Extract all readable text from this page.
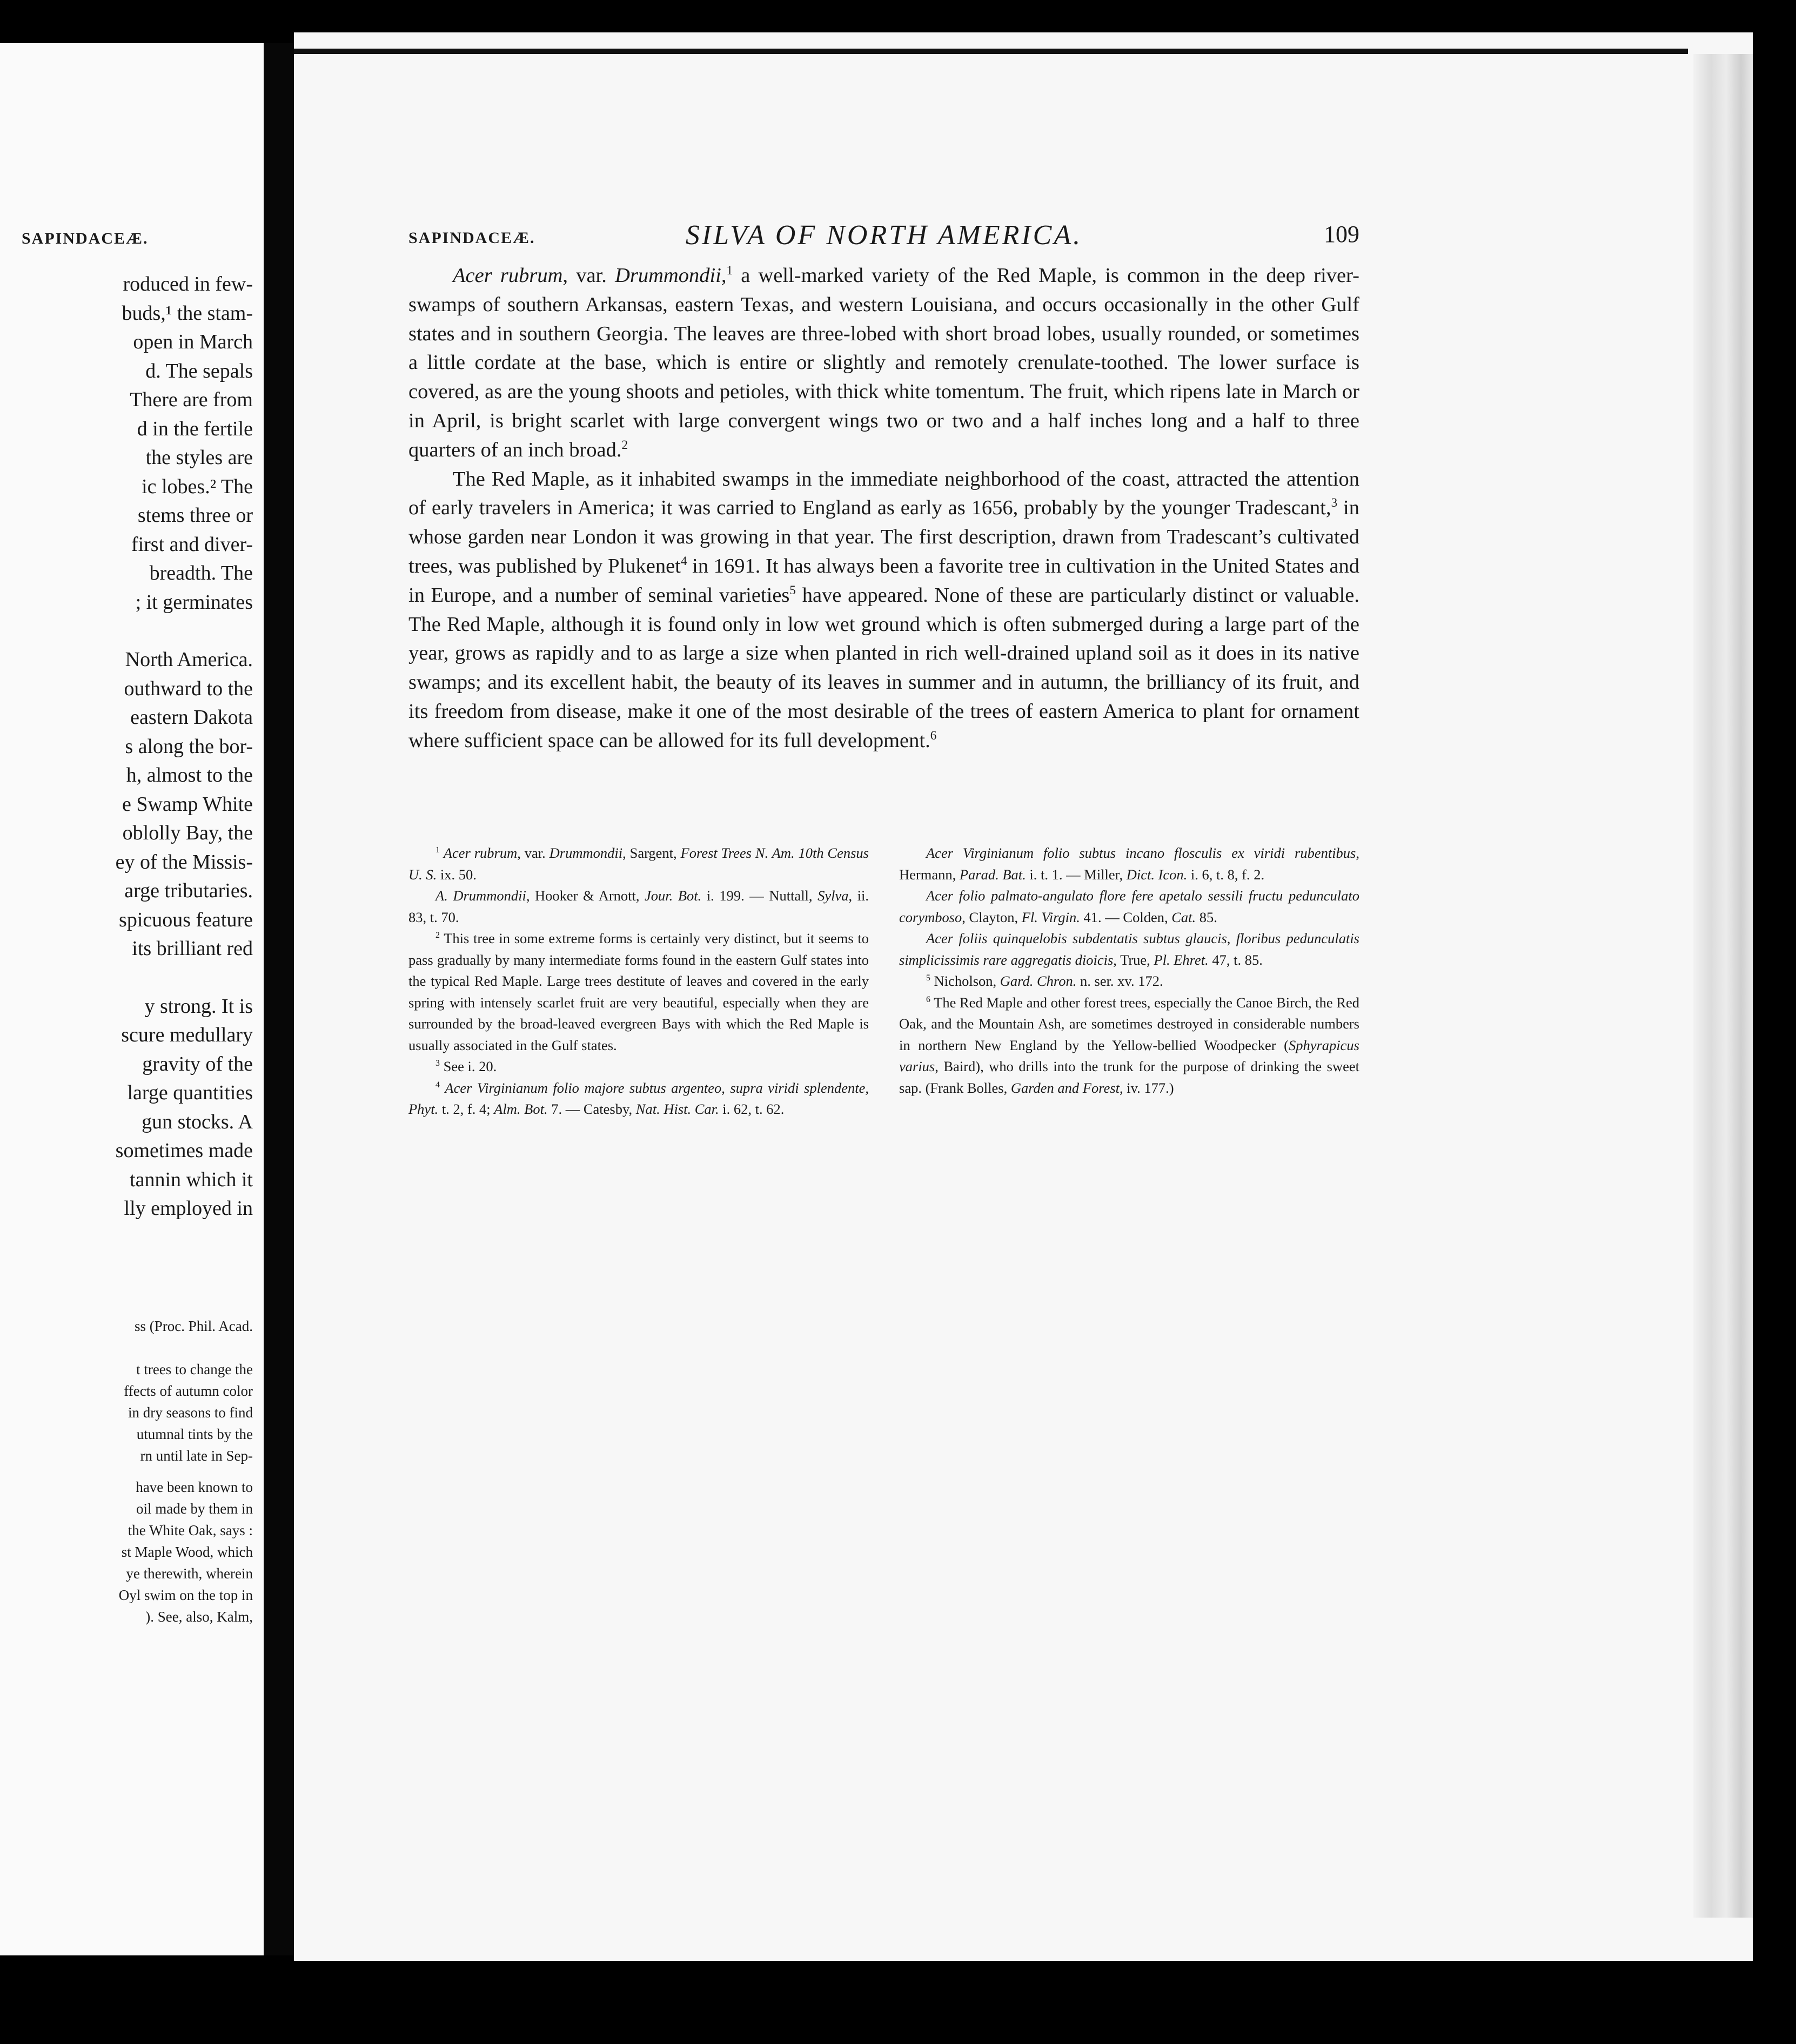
SAPINDACEÆ.
roduced in few-
buds,¹ the stam-
open in March
d. The sepals
There are from
d in the fertile
the styles are
ic lobes.² The
stems three or
first and diver-
breadth. The
; it germinates
North America.
outhward to the
eastern Dakota
s along the bor-
h, almost to the
e Swamp White
oblolly Bay, the
ey of the Missis-
arge tributaries.
spicuous feature
its brilliant red
y strong. It is
scure medullary
gravity of the
large quantities
gun stocks. A
sometimes made
tannin which it
lly employed in
ss (Proc. Phil. Acad.
t trees to change the
ffects of autumn color
in dry seasons to find
utumnal tints by the
rn until late in Sep-
have been known to
oil made by them in
the White Oak, says :
st Maple Wood, which
ye therewith, wherein
Oyl swim on the top in
). See, also, Kalm,
SAPINDACEÆ.	SILVA OF NORTH AMERICA.	109

Acer rubrum, var. Drummondii,$^1$ a well-marked variety of the Red Maple, is common in the deep river-swamps of southern Arkansas, eastern Texas, and western Louisiana, and occurs occasionally in the other Gulf states and in southern Georgia. The leaves are three-lobed with short broad lobes, usually rounded, or sometimes a little cordate at the base, which is entire or slightly and remotely crenulate-toothed. The lower surface is covered, as are the young shoots and petioles, with thick white tomentum. The fruit, which ripens late in March or in April, is bright scarlet with large convergent wings two or two and a half inches long and a half to three quarters of an inch broad.$^2$

The Red Maple, as it inhabited swamps in the immediate neighborhood of the coast, attracted the attention of early travelers in America; it was carried to England as early as 1656, probably by the younger Tradescant,$^3$ in whose garden near London it was growing in that year. The first description, drawn from Tradescant’s cultivated trees, was published by Plukenet$^4$ in 1691. It has always been a favorite tree in cultivation in the United States and in Europe, and a number of seminal varieties$^5$ have appeared. None of these are particularly distinct or valuable. The Red Maple, although it is found only in low wet ground which is often submerged during a large part of the year, grows as rapidly and to as large a size when planted in rich well-drained upland soil as it does in its native swamps; and its excellent habit, the beauty of its leaves in summer and in autumn, the brilliancy of its fruit, and its freedom from disease, make it one of the most desirable of the trees of eastern America to plant for ornament where sufficient space can be allowed for its full development.$^6$

$^1$ Acer rubrum, var. Drummondii, Sargent, Forest Trees N. Am. 10th Census U. S. ix. 50.

A. Drummondii, Hooker & Arnott, Jour. Bot. i. 199. — Nuttall, Sylva, ii. 83, t. 70.

$^2$ This tree in some extreme forms is certainly very distinct, but it seems to pass gradually by many intermediate forms found in the eastern Gulf states into the typical Red Maple. Large trees destitute of leaves and covered in the early spring with intensely scarlet fruit are very beautiful, especially when they are surrounded by the broad-leaved evergreen Bays with which the Red Maple is usually associated in the Gulf states.

$^3$ See i. 20.

$^4$ Acer Virginianum folio majore subtus argenteo, supra viridi splendente, Phyt. t. 2, f. 4; Alm. Bot. 7. — Catesby, Nat. Hist. Car. i. 62, t. 62.

Acer Virginianum folio subtus incano flosculis ex viridi rubentibus, Hermann, Parad. Bat. i. t. 1. — Miller, Dict. Icon. i. 6, t. 8, f. 2.

Acer folio palmato-angulato flore fere apetalo sessili fructu pedunculato corymboso, Clayton, Fl. Virgin. 41. — Colden, Cat. 85.

Acer foliis quinquelobis subdentatis subtus glaucis, floribus pedunculatis simplicissimis rare aggregatis dioicis, True, Pl. Ehret. 47, t. 85.

$^5$ Nicholson, Gard. Chron. n. ser. xv. 172.

$^6$ The Red Maple and other forest trees, especially the Canoe Birch, the Red Oak, and the Mountain Ash, are sometimes destroyed in considerable numbers in northern New England by the Yellow-bellied Woodpecker (Sphyrapicus varius, Baird), who drills into the trunk for the purpose of drinking the sweet sap. (Frank Bolles, Garden and Forest, iv. 177.)
